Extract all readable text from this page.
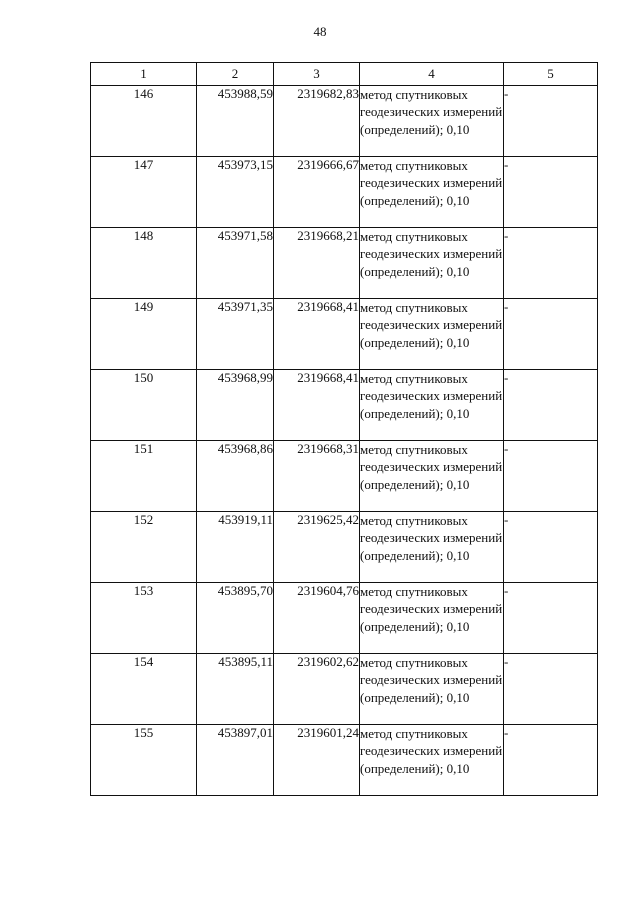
48
1	2	3	4	5
146	453988,59	2319682,83	метод спутниковых геодезических измерений (определений); 0,10	-
147	453973,15	2319666,67	метод спутниковых геодезических измерений (определений); 0,10	-
148	453971,58	2319668,21	метод спутниковых геодезических измерений (определений); 0,10	-
149	453971,35	2319668,41	метод спутниковых геодезических измерений (определений); 0,10	-
150	453968,99	2319668,41	метод спутниковых геодезических измерений (определений); 0,10	-
151	453968,86	2319668,31	метод спутниковых геодезических измерений (определений); 0,10	-
152	453919,11	2319625,42	метод спутниковых геодезических измерений (определений); 0,10	-
153	453895,70	2319604,76	метод спутниковых геодезических измерений (определений); 0,10	-
154	453895,11	2319602,62	метод спутниковых геодезических измерений (определений); 0,10	-
155	453897,01	2319601,24	метод спутниковых геодезических измерений (определений); 0,10	-
